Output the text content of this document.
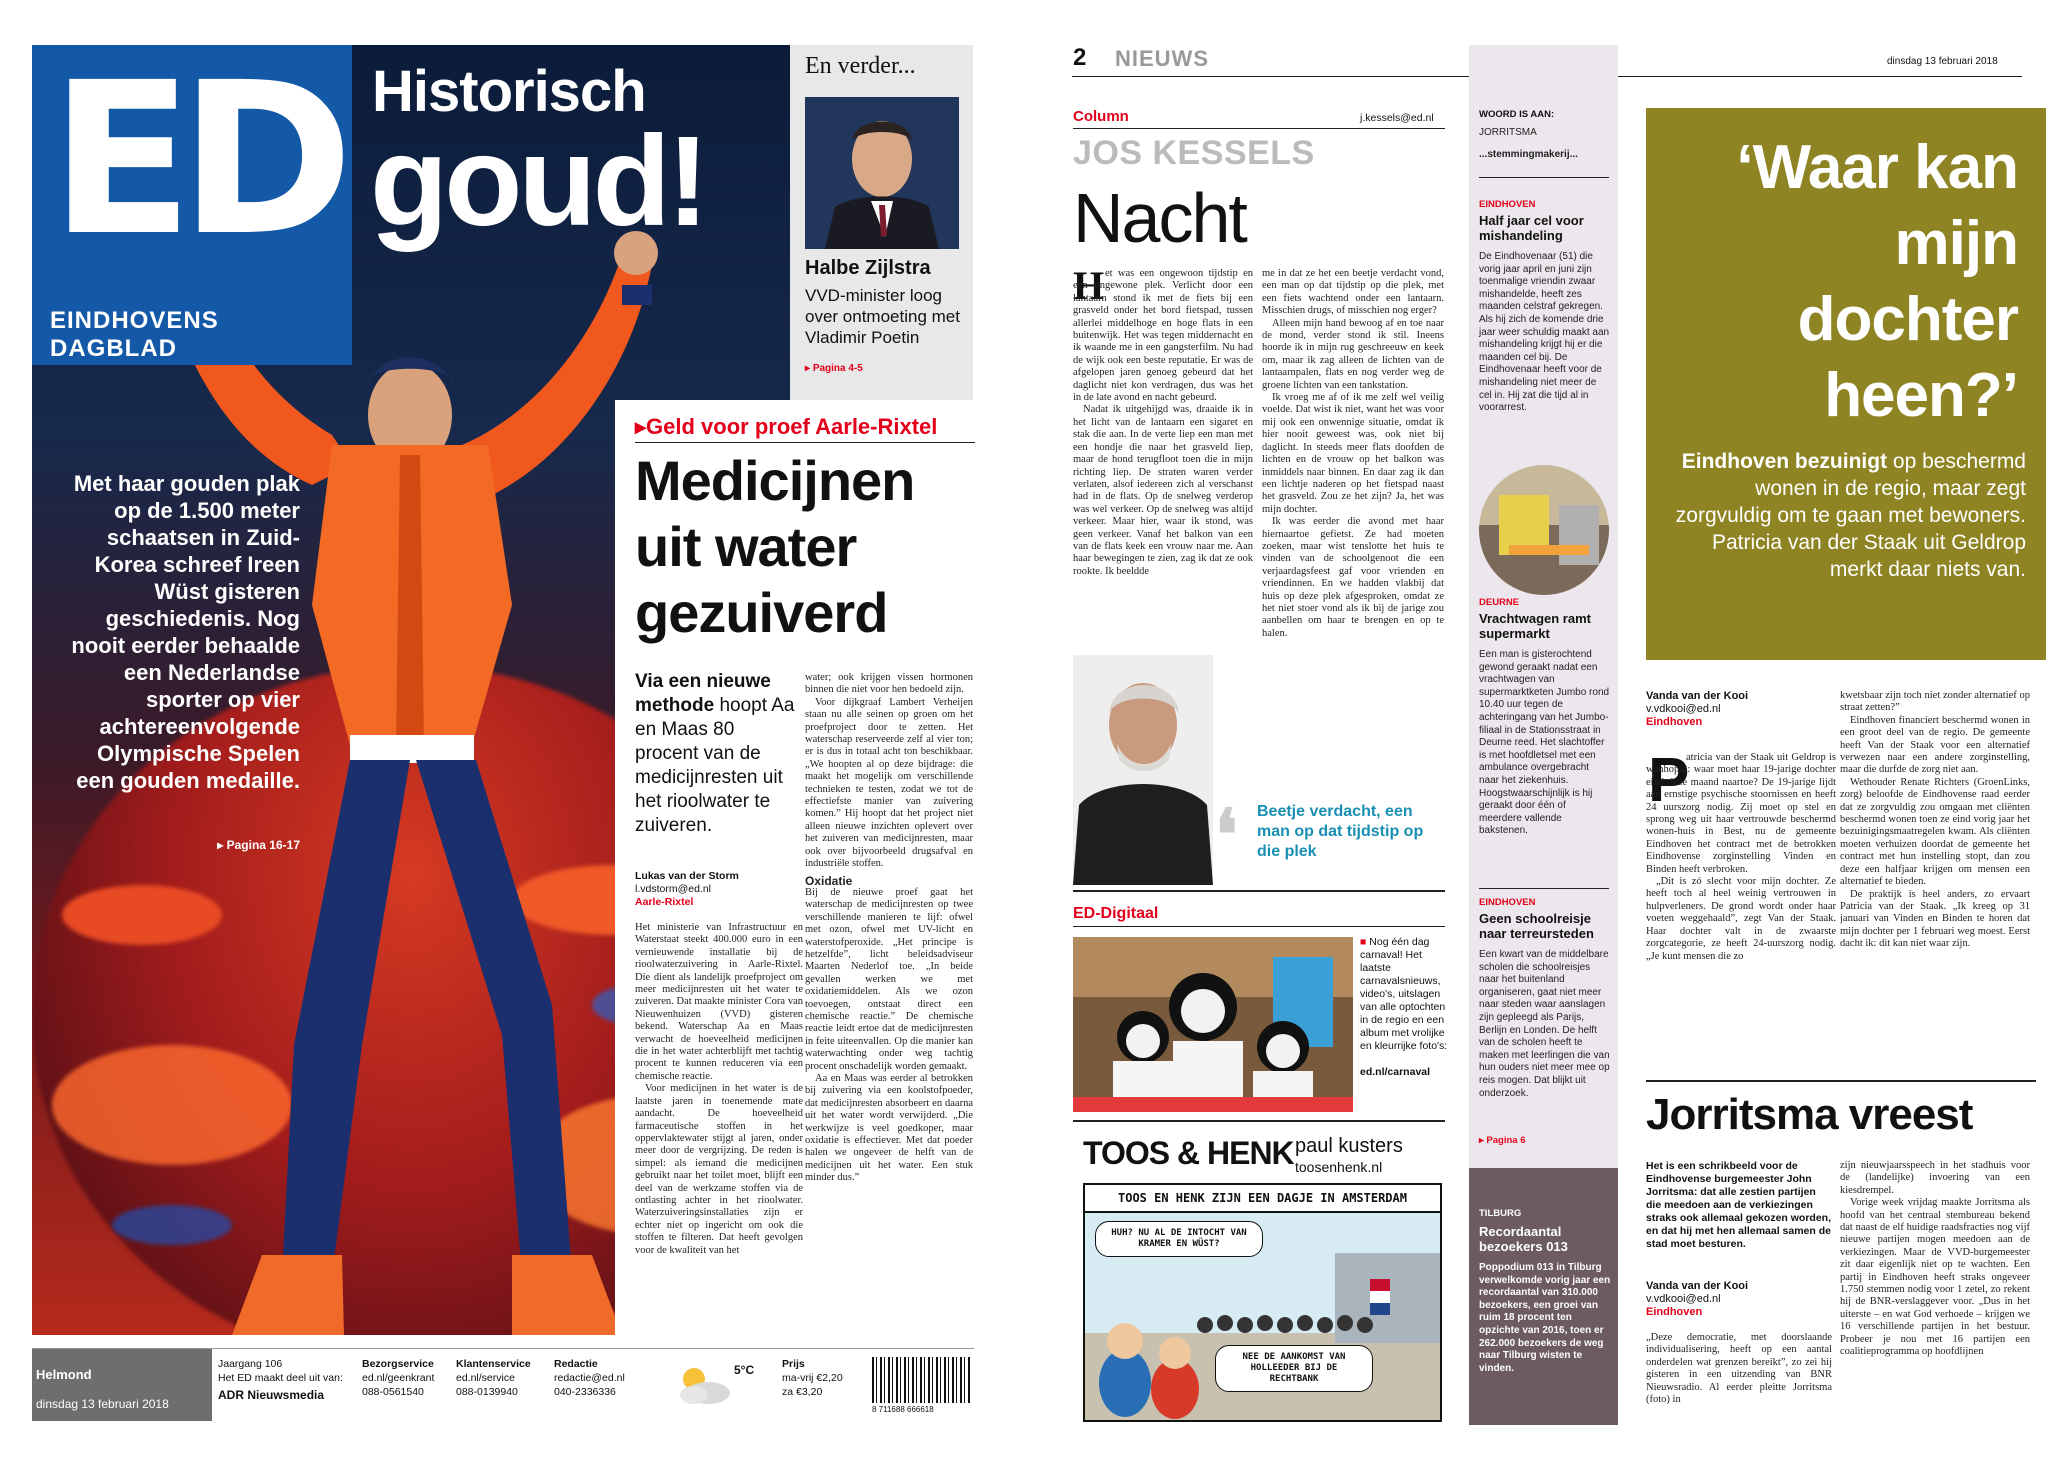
ED
EINDHOVENS DAGBLAD
Historisch
goud!
Met haar gouden plak op de 1.500 meter schaatsen in Zuid-Korea schreef Ireen Wüst gisteren geschiedenis. Nog nooit eerder behaalde een Nederlandse sporter op vier achtereenvolgende Olympische Spelen een gouden medaille.
▸ Pagina 16-17
En verder...
Halbe Zijlstra
VVD-minister loog over ontmoeting met Vladimir Poetin
▸ Pagina 4-5
▸Geld voor proef Aarle-Rixtel
Medicijnen uit water gezuiverd
Via een nieuwe methode hoopt Aa en Maas 80 procent van de medicijnresten uit het rioolwater te zuiveren.
Lukas van der Storm
l.vdstorm@ed.nl
Aarle-Rixtel

Het ministerie van Infrastructuur en Waterstaat steekt 400.000 euro in een vernieuwende installatie bij de rioolwaterzuivering in Aarle-Rixtel. Die dient als landelijk proefproject om meer medicijnresten uit het water te zuiveren. Dat maakte minister Cora van Nieuwenhuizen (VVD) gisteren bekend. Waterschap Aa en Maas verwacht de hoeveelheid medicijnen die in het water achterblijft met tachtig procent te kunnen reduceren via een chemische reactie.

Voor medicijnen in het water is de laatste jaren in toenemende mate aandacht. De hoeveelheid farmaceutische stoffen in het oppervlaktewater stijgt al jaren, onder meer door de vergrijzing. De reden is simpel: als iemand die medicijnen gebruikt naar het toilet moet, blijft een deel van de werkzame stoffen via de ontlasting achter in het rioolwater. Waterzuiveringsinstallaties zijn er echter niet op ingericht om ook die stoffen te filteren. Dat heeft gevolgen voor de kwaliteit van het

water; ook krijgen vissen hormonen binnen die niet voor hen bedoeld zijn.

Voor dijkgraaf Lambert Verheijen staan nu alle seinen op groen om het proefproject door te zetten. Het waterschap reserveerde zelf al vier ton; er is dus in totaal acht ton beschikbaar. „We hoopten al op deze bijdrage: die maakt het mogelijk om verschillende technieken te testen, zodat we tot de effectiefste manier van zuivering komen.” Hij hoopt dat het project niet alleen nieuwe inzichten oplevert over het zuiveren van medicijnresten, maar ook over bijvoorbeeld drugsafval en industriële stoffen.

Oxidatie

Bij de nieuwe proef gaat het waterschap de medicijnresten op twee verschillende manieren te lijf: ofwel met ozon, ofwel met UV-licht en waterstofperoxide. „Het principe is hetzelfde”, licht beleidsadviseur Maarten Nederlof toe. „In beide gevallen werken we met oxidatiemiddelen. Als we ozon toevoegen, ontstaat direct een chemische reactie.” De chemische reactie leidt ertoe dat de medicijnresten in feite uiteenvallen. Op die manier kan waterwachting onder weg tachtig procent onschadelijk worden gemaakt.

Aa en Maas was eerder al betrokken bij zuivering via een koolstofpoeder, dat medicijnresten absorbeert en daarna uit het water wordt verwijderd. „Die werkwijze is veel goedkoper, maar oxidatie is effectiever. Met dat poeder halen we ongeveer de helft van de medicijnen uit het water. Een stuk minder dus.”

Helmond
dinsdag 13 februari 2018
Jaargang 106
Het ED maakt deel uit van:

ADR Nieuwsmedia
Bezorgservice
ed.nl/geenkrant
088-0561540
Klantenservice
ed.nl/service
088-0139940
Redactie
redactie@ed.nl
040-2336336
5°C	Prijs
ma-vrij €2,20
za €3,20
8 711688 666618
2 NIEUWS	dinsdag 13 februari 2018
Column	j.kessels@ed.nl
JOS KESSELS
Nacht
H et was een ongewoon tijdstip en een ongewone plek. Verlicht door een lantaarn stond ik met de fiets bij een grasveld onder het bord fietspad, tussen allerlei middelhoge en hoge flats in een buitenwijk. Het was tegen middernacht en ik waande me in een gangsterfilm. Nu had de wijk ook een beste reputatie. Er was de afgelopen jaren genoeg gebeurd dat het daglicht niet kon verdragen, dus was het in de late avond en nacht gebeurd.

Nadat ik uitgehijgd was, draaide ik in het licht van de lantaarn een sigaret en stak die aan. In de verte liep een man met een hondje die naar het grasveld liep, maar de hond terugfloot toen die in mijn richting liep. De straten waren verder verlaten, alsof iedereen zich al verschanst had in de flats. Op de snelweg verderop was wel verkeer. Op de snelweg was altijd verkeer. Maar hier, waar ik stond, was geen verkeer. Vanaf het balkon van een van de flats keek een vrouw naar me. Aan haar bewegingen te zien, zag ik dat ze ook rookte. Ik beeldde

me in dat ze het een beetje verdacht vond, een man op dat tijdstip op die plek, met een fiets wachtend onder een lantaarn. Misschien drugs, of misschien nog erger?

Alleen mijn hand bewoog af en toe naar de mond, verder stond ik stil. Ineens hoorde ik in mijn rug geschreeuw en keek om, maar ik zag alleen de lichten van de lantaarnpalen, flats en nog verder weg de groene lichten van een tankstation.

Ik vroeg me af of ik me zelf wel veilig voelde. Dat wist ik niet, want het was voor mij ook een onwennige situatie, omdat ik hier nooit geweest was, ook niet bij daglicht. In steeds meer flats doofden de lichten en de vrouw op het balkon was inmiddels naar binnen. En daar zag ik dan een lichtje naderen op het fietspad naast het grasveld. Zou ze het zijn? Ja, het was mijn dochter.

Ik was eerder die avond met haar hiernaartoe gefietst. Ze had moeten zoeken, maar wist tenslotte het huis te vinden van de schoolgenoot die een verjaardagsfeest gaf voor vrienden en vriendinnen. En we hadden vlakbij dat huis op deze plek afgesproken, omdat ze het niet stoer vond als ik bij de jarige zou aanbellen om haar te brengen en op te halen.

❛ Beetje verdacht, een man op dat tijdstip op die plek
ED-Digitaal
■ Nog één dag carnaval! Het laatste carnavalsnieuws, video's, uitslagen van alle optochten in de regio en een album met vrolijke en kleurrijke foto's:

ed.nl/carnaval
TOOS & HENK paul kusters
toosenhenk.nl
TOOS EN HENK ZIJN EEN DAGJE IN AMSTERDAM
HUH? NU AL DE INTOCHT VAN KRAMER EN WÜST?
NEE DE AANKOMST VAN HOLLEEDER BIJ DE RECHTBANK
WOORD IS AAN:
JORRITSMA
...stemmingmakerij...
EINDHOVEN
Half jaar cel voor mishandeling
De Eindhovenaar (51) die vorig jaar april en juni zijn toenmalige vriendin zwaar mishandelde, heeft zes maanden celstraf gekregen. Als hij zich de komende drie jaar weer schuldig maakt aan mishandeling krijgt hij er die maanden cel bij. De Eindhovenaar heeft voor de mishandeling niet meer de cel in. Hij zat die tijd al in voorarrest.
DEURNE
Vrachtwagen ramt supermarkt
Een man is gisterochtend gewond geraakt nadat een vrachtwagen van supermarktketen Jumbo rond 10.40 uur tegen de achteringang van het Jumbo-filiaal in de Stationsstraat in Deurne reed. Het slachtoffer is met hoofdletsel met een ambulance overgebracht naar het ziekenhuis. Hoogstwaarschijnlijk is hij geraakt door één of meerdere vallende bakstenen.
EINDHOVEN
Geen schoolreisje naar terreursteden
Een kwart van de middelbare scholen die schoolreisjes naar het buitenland organiseren, gaat niet meer naar steden waar aanslagen zijn gepleegd als Parijs, Berlijn en Londen. De helft van de scholen heeft te maken met leerlingen die van hun ouders niet meer mee op reis mogen. Dat blijkt uit onderzoek.
▸ Pagina 6
TILBURG
Recordaantal bezoekers 013
Poppodium 013 in Tilburg verwelkomde vorig jaar een recordaantal van 310.000 bezoekers, een groei van ruim 18 procent ten opzichte van 2016, toen er 262.000 bezoekers de weg naar Tilburg wisten te vinden.
‘Waar kan mijn dochter heen?’
Eindhoven bezuinigt op beschermd wonen in de regio, maar zegt zorgvuldig om te gaan met bewoners. Patricia van der Staak uit Geldrop merkt daar niets van.
Vanda van der Kooi
v.vdkooi@ed.nl
Eindhoven
P

atricia van der Staak uit Geldrop is wanhopig: waar moet haar 19-jarige dochter eind deze maand naartoe? De 19-jarige lijdt aan ernstige psychische stoornissen en heeft 24 uurszorg nodig. Zij moet op stel en sprong weg uit haar vertrouwde beschermd wonen-huis in Best, nu de gemeente Eindhoven het contract met de betrokken Eindhovense zorginstelling Vinden en Binden heeft verbroken.

„Dit is zó slecht voor mijn dochter. Ze heeft toch al heel weinig vertrouwen in hulpverleners. De grond wordt onder haar voeten weggehaald”, zegt Van der Staak. Haar dochter valt in de zwaarste zorgcategorie, ze heeft 24-uurszorg nodig. „Je kunt mensen die zo

kwetsbaar zijn toch niet zonder alternatief op straat zetten?”

Eindhoven financiert beschermd wonen in een groot deel van de regio. De gemeente heeft Van der Staak voor een alternatief verwezen naar een andere zorginstelling, maar die durfde de zorg niet aan.

Wethouder Renate Richters (GroenLinks, zorg) beloofde de Eindhovense raad eerder dat ze zorgvuldig zou omgaan met cliënten beschermd wonen toen ze eind vorig jaar het bezuinigingsmaatregelen kwam. Als cliënten moeten verhuizen doordat de gemeente het contract met hun instelling stopt, dan zou deze een halfjaar krijgen om mensen een alternatief te bieden.

De praktijk is heel anders, zo ervaart Patricia van der Staak. „Ik kreeg op 31 januari van Vinden en Binden te horen dat mijn dochter per 1 februari weg moest. Eerst dacht ik: dit kan niet waar zijn.

Jorritsma vreest
Het is een schrikbeeld voor de Eindhovense burgemeester John Jorritsma: dat alle zestien partijen die meedoen aan de verkiezingen straks ook allemaal gekozen worden, en dat hij met hen allemaal samen de stad moet besturen.
Vanda van der Kooi
v.vdkooi@ed.nl
Eindhoven

„Deze democratie, met doorslaande individualisering, heeft op een aantal onderdelen wat grenzen bereikt”, zo zei hij gisteren in een uitzending van BNR Nieuwsradio. Al eerder pleitte Jorritsma (foto) in

zijn nieuwjaarsspeech in het stadhuis voor de (landelijke) invoering van een kiesdrempel.

Vorige week vrijdag maakte Jorritsma als hoofd van het centraal stembureau bekend dat naast de elf huidige raadsfracties nog vijf nieuwe partijen mogen meedoen aan de verkiezingen. Maar de VVD-burgemeester zit daar eigenlijk niet op te wachten. Een partij in Eindhoven heeft straks ongeveer 1.750 stemmen nodig voor 1 zetel, zo rekent hij de BNR-verslaggever voor. „Dus in het uiterste – en wat God verhoede – krijgen we 16 verschillende partijen in het bestuur. Probeer je nou met 16 partijen een coalitieprogramma op hoofdlijnen
